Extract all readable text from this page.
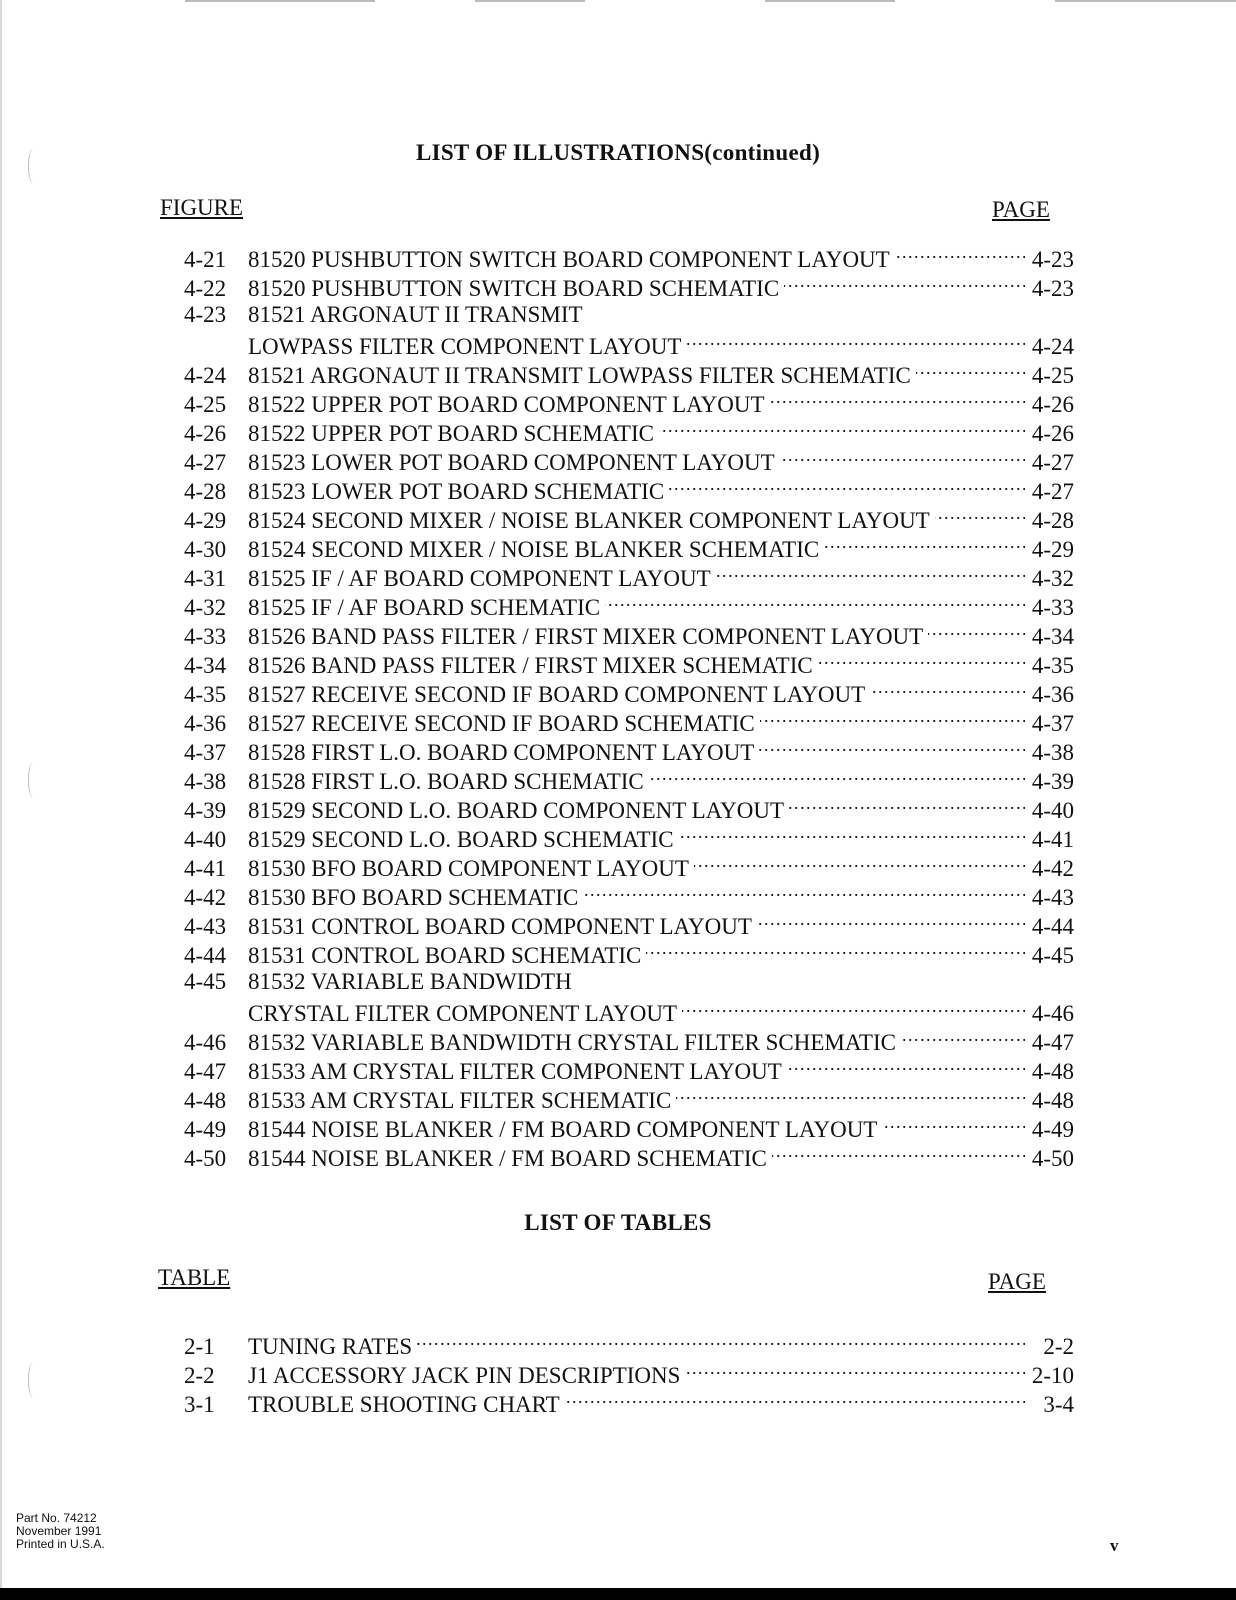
LIST OF ILLUSTRATIONS(continued)
FIGURE	PAGE
4-21 81520 PUSHBUTTON SWITCH BOARD COMPONENT LAYOUT . . .	4-23
4-22 81520 PUSHBUTTON SWITCH BOARD SCHEMATIC . . .	4-23
4-23 81521 ARGONAUT II TRANSMIT
LOWPASS FILTER COMPONENT LAYOUT . . .	4-24
4-24 81521 ARGONAUT II TRANSMIT LOWPASS FILTER SCHEMATIC . . .	4-25
4-25 81522 UPPER POT BOARD COMPONENT LAYOUT . . .	4-26
4-26 81522 UPPER POT BOARD SCHEMATIC . . .	4-26
4-27 81523 LOWER POT BOARD COMPONENT LAYOUT . . .	4-27
4-28 81523 LOWER POT BOARD SCHEMATIC . . .	4-27
4-29 81524 SECOND MIXER / NOISE BLANKER COMPONENT LAYOUT . . .	4-28
4-30 81524 SECOND MIXER / NOISE BLANKER SCHEMATIC . . .	4-29
4-31 81525 IF / AF BOARD COMPONENT LAYOUT . . .	4-32
4-32 81525 IF / AF BOARD SCHEMATIC . . .	4-33
4-33 81526 BAND PASS FILTER / FIRST MIXER COMPONENT LAYOUT . . .	4-34
4-34 81526 BAND PASS FILTER / FIRST MIXER SCHEMATIC . . .	4-35
4-35 81527 RECEIVE SECOND IF BOARD COMPONENT LAYOUT . . .	4-36
4-36 81527 RECEIVE SECOND IF BOARD SCHEMATIC . . .	4-37
4-37 81528 FIRST L.O. BOARD COMPONENT LAYOUT . . .	4-38
4-38 81528 FIRST L.O. BOARD SCHEMATIC . . .	4-39
4-39 81529 SECOND L.O. BOARD COMPONENT LAYOUT . . .	4-40
4-40 81529 SECOND L.O. BOARD SCHEMATIC . . .	4-41
4-41 81530 BFO BOARD COMPONENT LAYOUT . . .	4-42
4-42 81530 BFO BOARD SCHEMATIC . . .	4-43
4-43 81531 CONTROL BOARD COMPONENT LAYOUT . . .	4-44
4-44 81531 CONTROL BOARD SCHEMATIC . . .	4-45
4-45 81532 VARIABLE BANDWIDTH
CRYSTAL FILTER COMPONENT LAYOUT . . .	4-46
4-46 81532 VARIABLE BANDWIDTH CRYSTAL FILTER SCHEMATIC . . .	4-47
4-47 81533 AM CRYSTAL FILTER COMPONENT LAYOUT . . .	4-48
4-48 81533 AM CRYSTAL FILTER SCHEMATIC . . .	4-48
4-49 81544 NOISE BLANKER / FM BOARD COMPONENT LAYOUT . . .	4-49
4-50 81544 NOISE BLANKER / FM BOARD SCHEMATIC . . .	4-50
LIST OF TABLES
TABLE	PAGE
2-1	TUNING RATES . . .	2-2
2-2	J1 ACCESSORY JACK PIN DESCRIPTIONS . . .	2-10
3-1	TROUBLE SHOOTING CHART . . .	3-4
Part No. 74212
November 1991
Printed in U.S.A.	v
